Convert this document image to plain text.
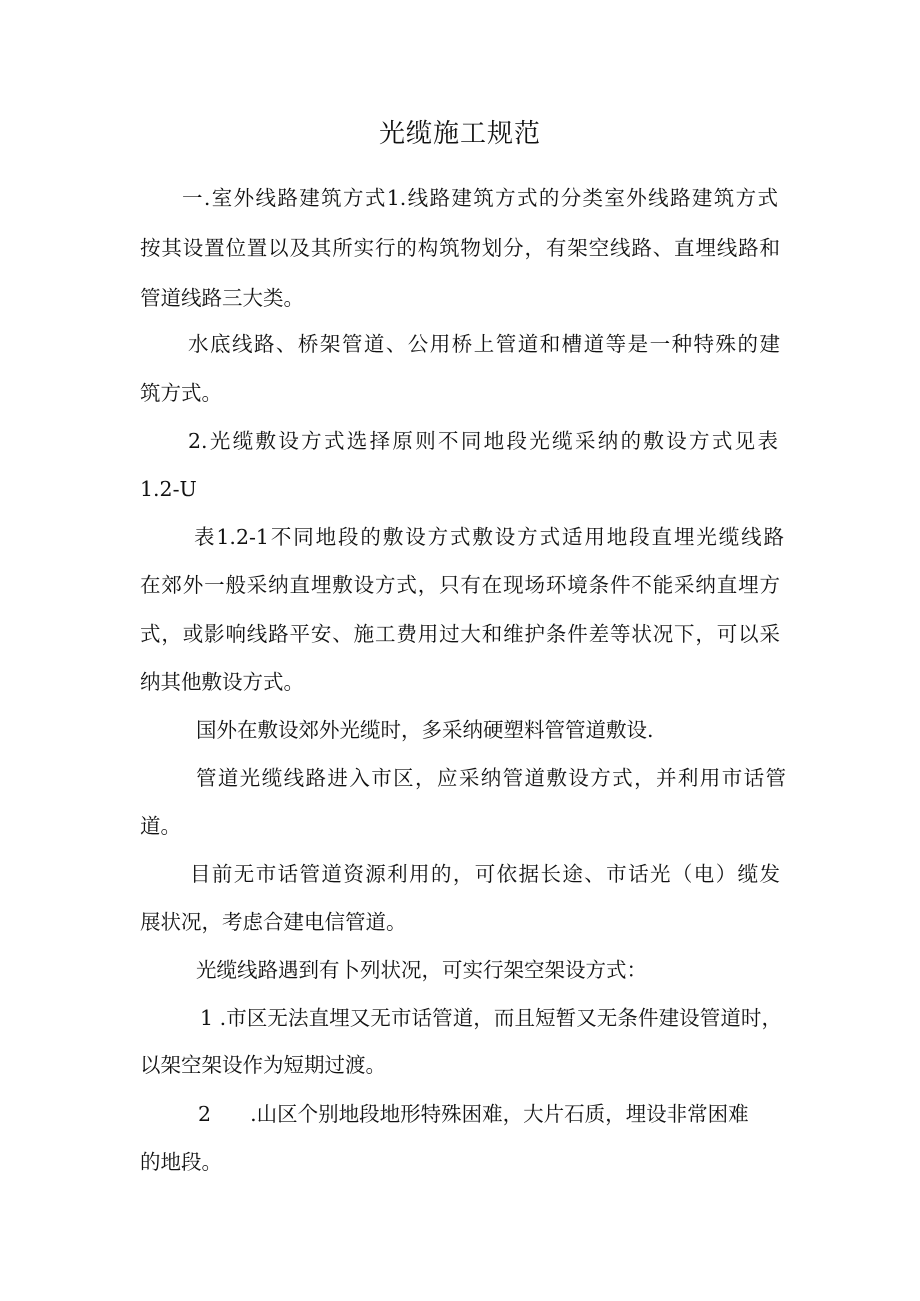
光缆施工规范
一.室外线路建筑方式1.线路建筑方式的分类室外线路建筑方式
按其设置位置以及其所实行的构筑物划分，有架空线路、直埋线路和
管道线路三大类。
水底线路、桥架管道、公用桥上管道和槽道等是一种特殊的建
筑方式。
2.光缆敷设方式选择原则不同地段光缆采纳的敷设方式见表
1.2-U
表1.2-1不同地段的敷设方式敷设方式适用地段直埋光缆线路
在郊外一般采纳直埋敷设方式，只有在现场环境条件不能采纳直埋方
式，或影响线路平安、施工费用过大和维护条件差等状况下，可以采
纳其他敷设方式。
国外在敷设郊外光缆时，多采纳硬塑料管管道敷设.
管道光缆线路进入市区，应采纳管道敷设方式，并利用市话管
道。
目前无市话管道资源利用的，可依据长途、市话光（电）缆发
展状况，考虑合建电信管道。
光缆线路遇到有卜列状况，可实行架空架设方式：
1 .市区无法直埋又无市话管道，而且短暂又无条件建设管道时，
以架空架设作为短期过渡。
2      .山区个别地段地形特殊困难，大片石质，埋设非常困难
的地段。
